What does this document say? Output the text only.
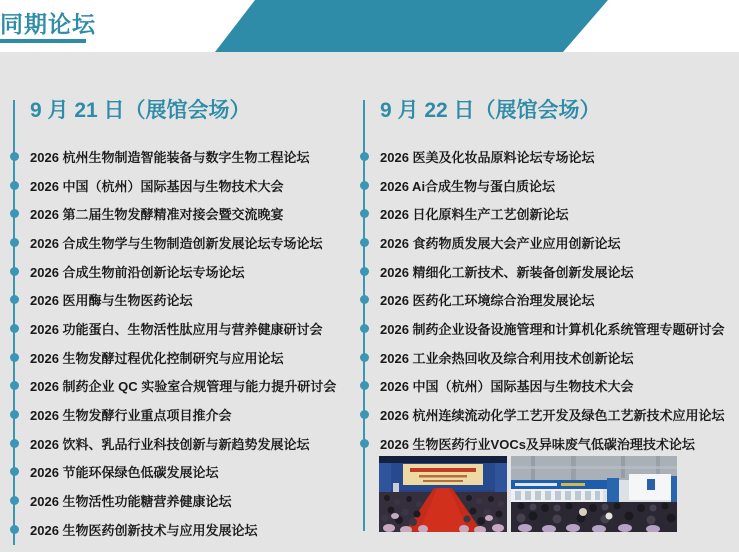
同期论坛
9 月 21 日（展馆会场）
2026 杭州生物制造智能装备与数字生物工程论坛
2026 中国（杭州）国际基因与生物技术大会
2026 第二届生物发酵精准对接会暨交流晚宴
2026 合成生物学与生物制造创新发展论坛专场论坛
2026 合成生物前沿创新论坛专场论坛
2026 医用酶与生物医药论坛
2026 功能蛋白、生物活性肽应用与营养健康研讨会
2026 生物发酵过程优化控制研究与应用论坛
2026 制药企业 QC 实验室合规管理与能力提升研讨会
2026 生物发酵行业重点项目推介会
2026 饮料、乳品行业科技创新与新趋势发展论坛
2026 节能环保绿色低碳发展论坛
2026 生物活性功能糖营养健康论坛
2026 生物医药创新技术与应用发展论坛
9 月 22 日（展馆会场）
2026 医美及化妆品原料论坛专场论坛
2026 Ai合成生物与蛋白质论坛
2026 日化原料生产工艺创新论坛
2026 食药物质发展大会产业应用创新论坛
2026 精细化工新技术、新装备创新发展论坛
2026 医药化工环境综合治理发展论坛
2026 制药企业设备设施管理和计算机化系统管理专题研讨会
2026 工业余热回收及综合利用技术创新论坛
2026 中国（杭州）国际基因与生物技术大会
2026 杭州连续流动化学工艺开发及绿色工艺新技术应用论坛
2026 生物医药行业VOCs及异味废气低碳治理技术论坛
